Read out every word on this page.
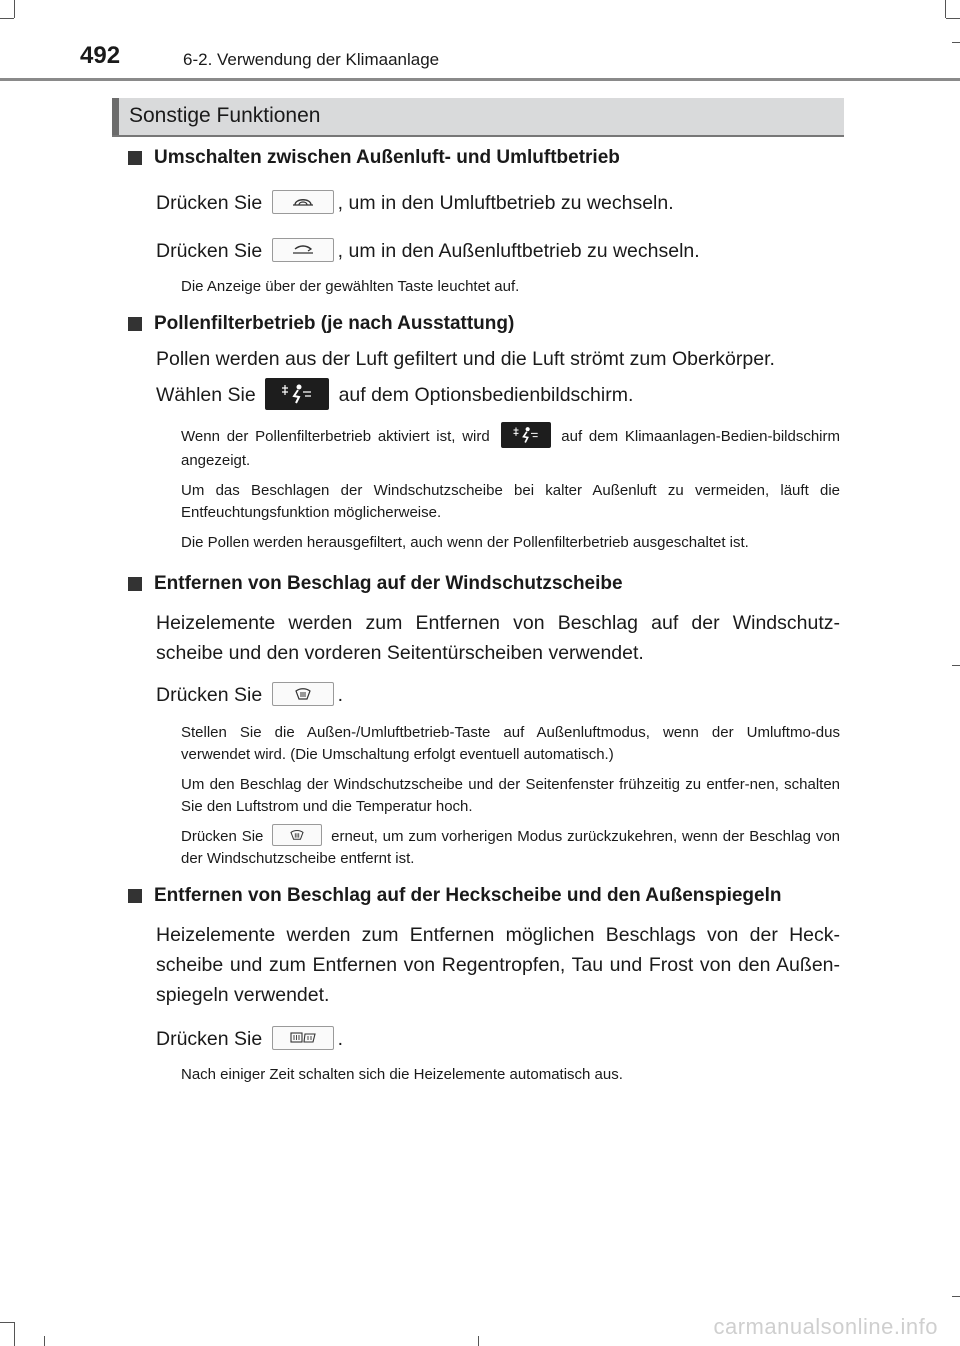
492	6-2. Verwendung der Klimaanlage
Sonstige Funktionen
Umschalten zwischen Außenluft- und Umluftbetrieb
Drücken Sie	, um in den Umluftbetrieb zu wechseln.
Drücken Sie	, um in den Außenluftbetrieb zu wechseln.
Die Anzeige über der gewählten Taste leuchtet auf.
Pollenfilterbetrieb (je nach Ausstattung)
Pollen werden aus der Luft gefiltert und die Luft strömt zum Oberkörper.
Wählen Sie	auf dem Optionsbedienbildschirm.
Wenn der Pollenfilterbetrieb aktiviert ist, wird	auf dem Klimaanlagen-Bedien-bildschirm angezeigt.
Um das Beschlagen der Windschutzscheibe bei kalter Außenluft zu vermeiden, läuft die Entfeuchtungsfunktion möglicherweise.
Die Pollen werden herausgefiltert, auch wenn der Pollenfilterbetrieb ausgeschaltet ist.
Entfernen von Beschlag auf der Windschutzscheibe
Heizelemente werden zum Entfernen von Beschlag auf der Windschutz-scheibe und den vorderen Seitentürscheiben verwendet.
Drücken Sie	.
Stellen Sie die Außen-/Umluftbetrieb-Taste auf Außenluftmodus, wenn der Umluftmo-dus verwendet wird. (Die Umschaltung erfolgt eventuell automatisch.)
Um den Beschlag der Windschutzscheibe und der Seitenfenster frühzeitig zu entfer-nen, schalten Sie den Luftstrom und die Temperatur hoch.
Drücken Sie	erneut, um zum vorherigen Modus zurückzukehren, wenn der Beschlag von der Windschutzscheibe entfernt ist.
Entfernen von Beschlag auf der Heckscheibe und den Außenspiegeln
Heizelemente werden zum Entfernen möglichen Beschlags von der Heck-scheibe und zum Entfernen von Regentropfen, Tau und Frost von den Außen-spiegeln verwendet.
Drücken Sie	.
Nach einiger Zeit schalten sich die Heizelemente automatisch aus.
carmanualsonline.info
